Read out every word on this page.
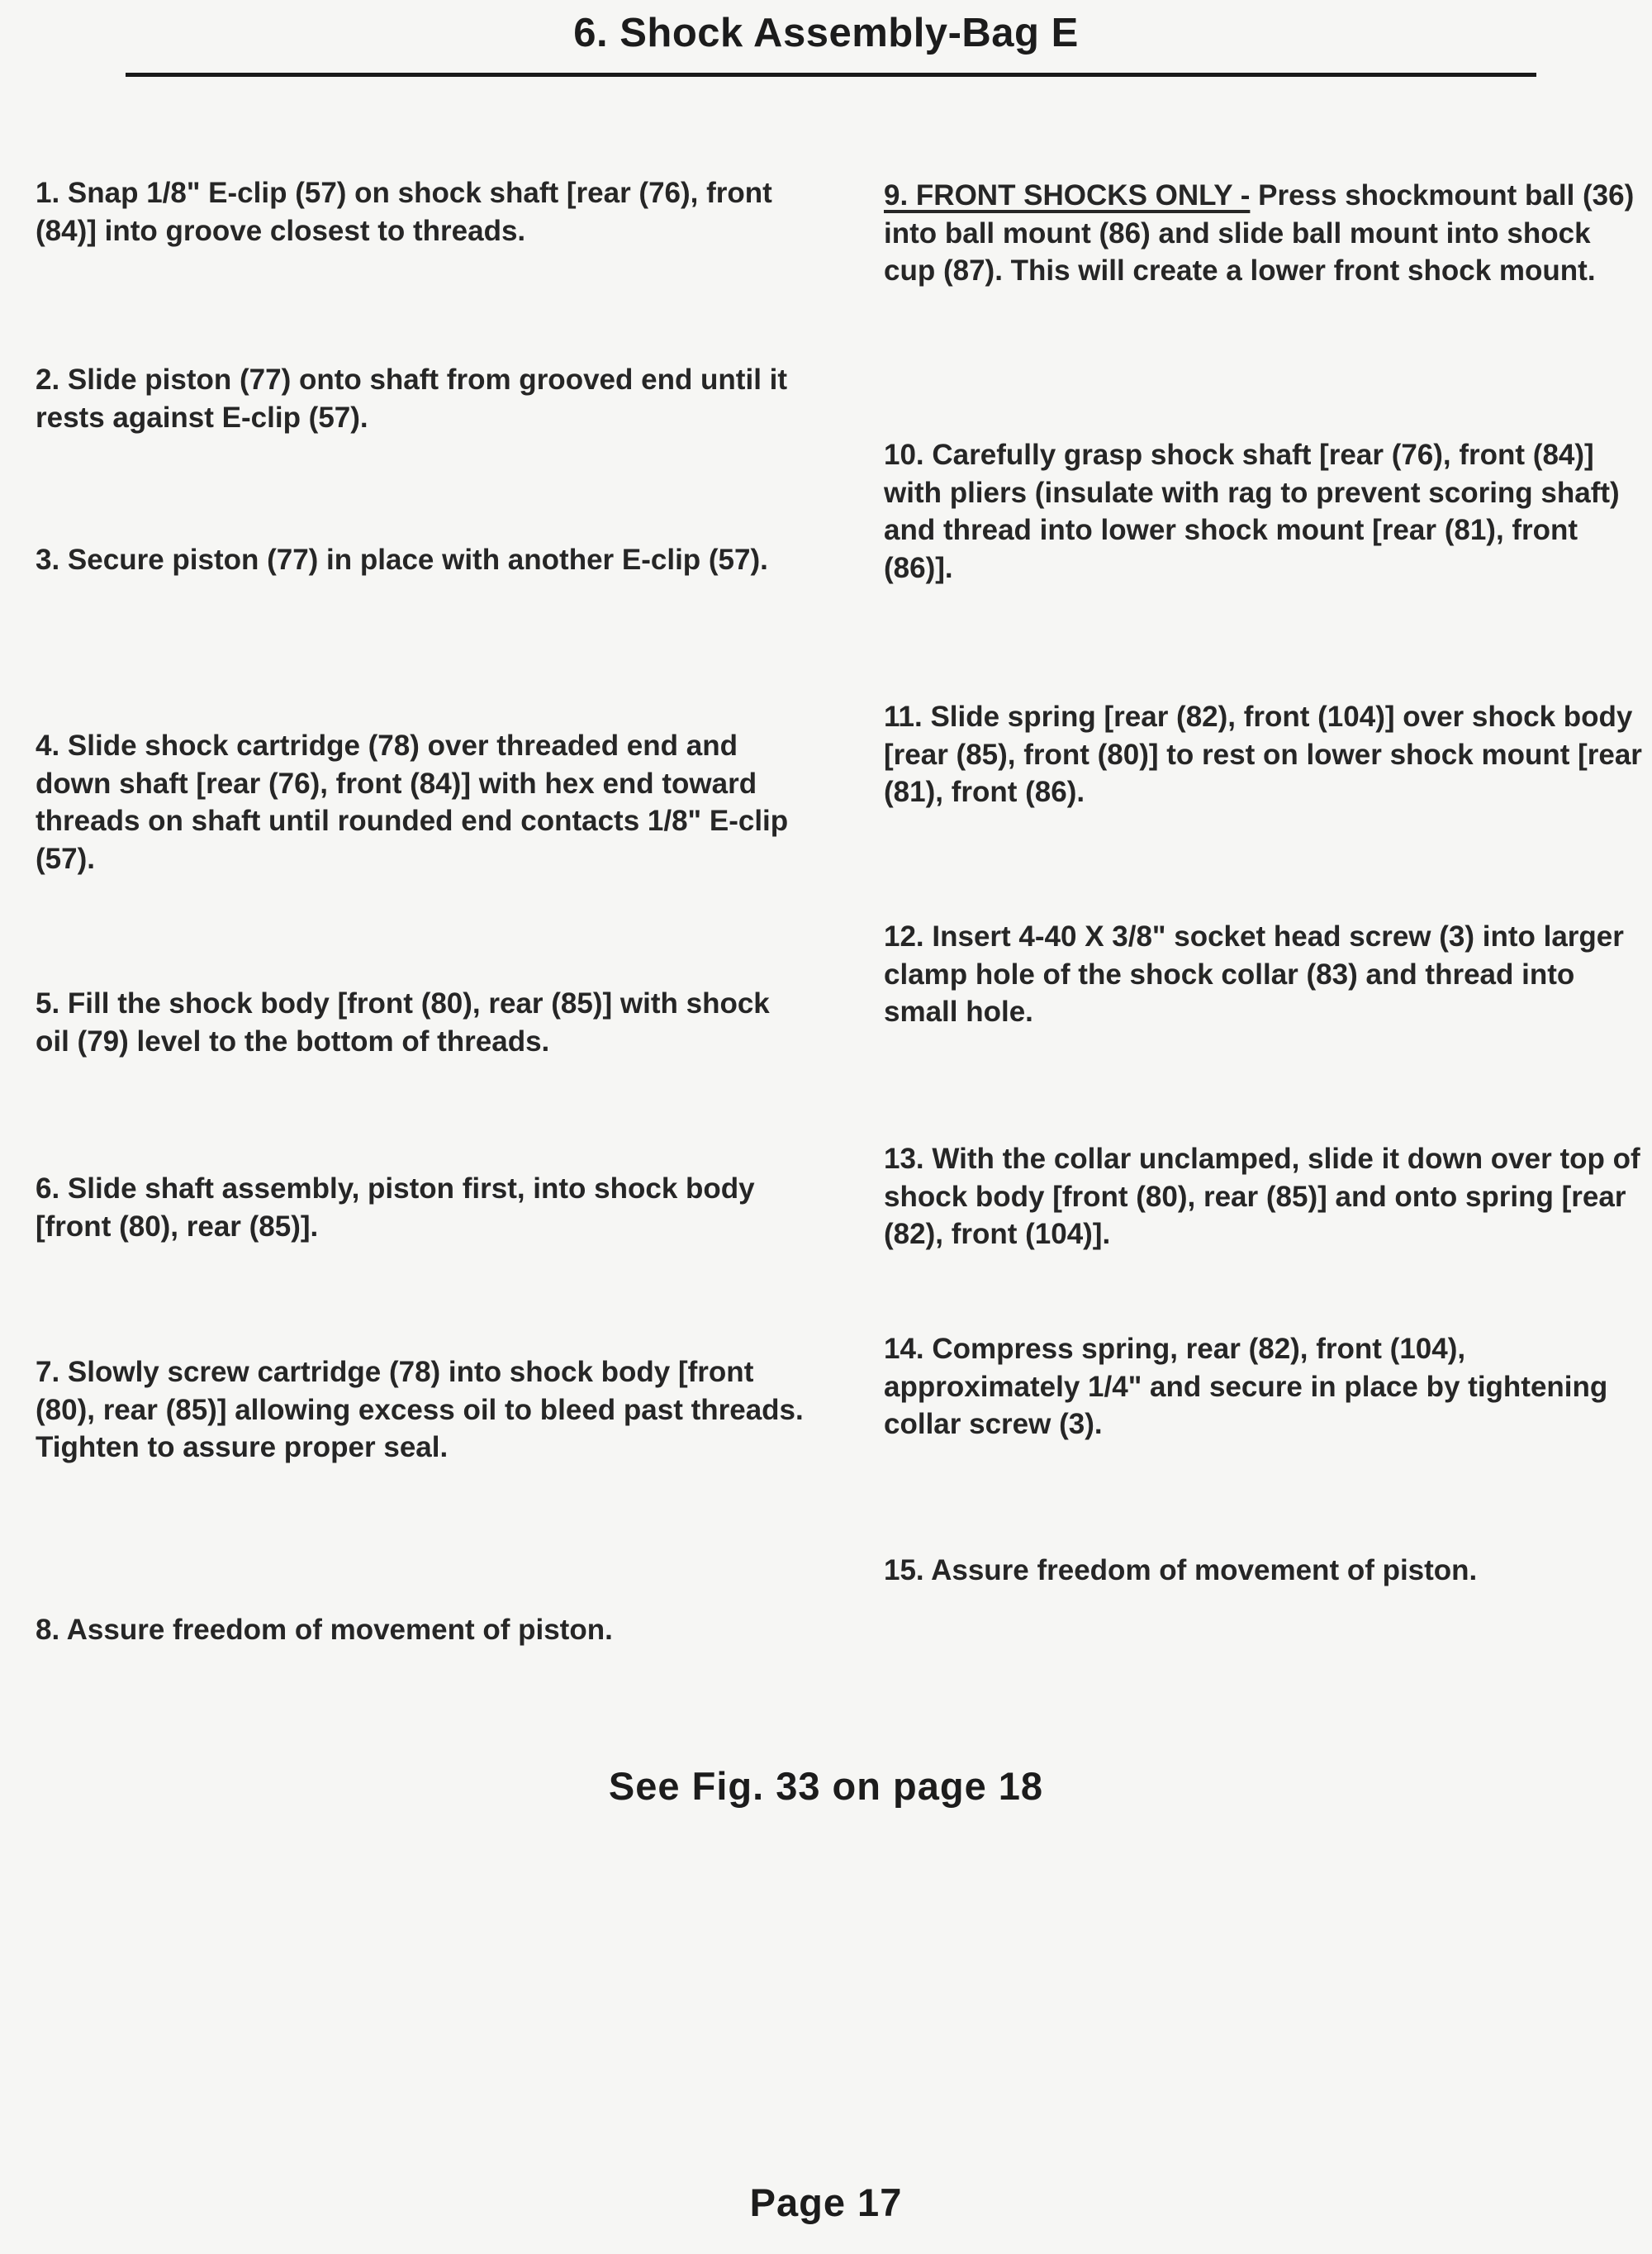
6. Shock Assembly-Bag E

1. Snap 1/8" E-clip (57) on shock shaft [rear (76), front (84)] into groove closest to threads.

2. Slide piston (77) onto shaft from grooved end until it rests against E-clip (57).

3. Secure piston (77) in place with another E-clip (57).

4. Slide shock cartridge (78) over threaded end and down shaft [rear (76), front (84)] with hex end toward threads on shaft until rounded end contacts 1/8" E-clip (57).

5. Fill the shock body [front (80), rear (85)] with shock oil (79) level to the bottom of threads.

6. Slide shaft assembly, piston first, into shock body [front (80), rear (85)].

7. Slowly screw cartridge (78) into shock body [front (80), rear (85)] allowing excess oil to bleed past threads. Tighten to assure proper seal.

8. Assure freedom of movement of piston.

9. FRONT SHOCKS ONLY - Press shockmount ball (36) into ball mount (86) and slide ball mount into shock cup (87). This will create a lower front shock mount.

10. Carefully grasp shock shaft [rear (76), front (84)] with pliers (insulate with rag to prevent scoring shaft) and thread into lower shock mount [rear (81), front (86)].

11. Slide spring [rear (82), front (104)] over shock body [rear (85), front (80)] to rest on lower shock mount [rear (81), front (86).

12. Insert 4-40 X 3/8" socket head screw (3) into larger clamp hole of the shock collar (83) and thread into small hole.

13. With the collar unclamped, slide it down over top of shock body [front (80), rear (85)] and onto spring [rear (82), front (104)].

14. Compress spring, rear (82), front (104), approximately 1/4" and secure in place by tightening collar screw (3).

15. Assure freedom of movement of piston.

See Fig. 33 on page 18
Page 17
